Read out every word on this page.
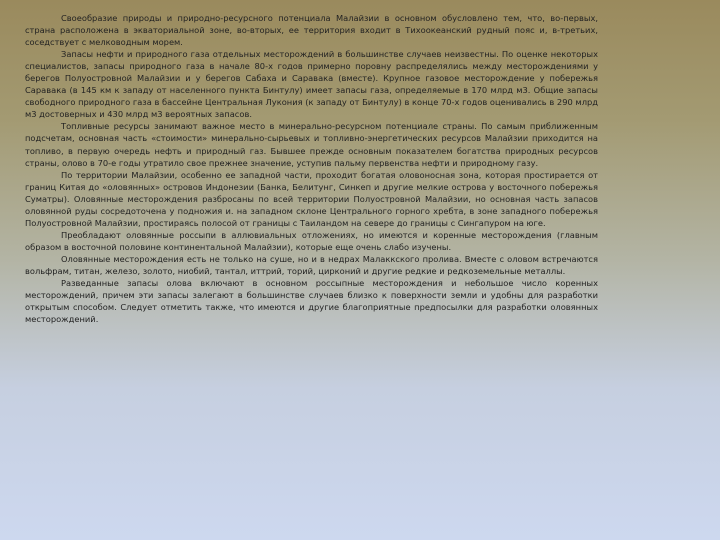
Своеобразие природы и природно-ресурсного потенциала Малайзии в основном обусловлено тем, что, во-первых, страна расположена в экваториальной зоне, во-вторых, ее территория входит в Тихоокеанский рудный пояс и, в-третьих, соседствует с мелководным морем.

Запасы нефти и природного газа отдельных месторождений в большинстве случаев неизвестны. По оценке некоторых специалистов, запасы природного газа в начале 80-х годов примерно поровну распределялись между месторождениями у берегов Полуостровной Малайзии и у берегов Сабаха и Саравака (вместе). Крупное газовое месторождение у побережья Саравака (в 145 км к западу от населенного пункта Бинтулу) имеет запасы газа, определяемые в 170 млрд м3. Общие запасы свободного природного газа в бассейне Центральная Лукония (к западу от Бинтулу) в конце 70-х годов оценивались в 290 млрд м3 достоверных и 430 млрд м3 вероятных запасов.

Топливные ресурсы занимают важное место в минерально-ресурсном потенциале страны. По самым приближенным подсчетам, основная часть «стоимости» минерально-сырьевых и топливно-энергетических ресурсов Малайзии приходится на топливо, в первую очередь нефть и природный газ. Бывшее прежде основным показателем богатства природных ресурсов страны, олово в 70-е годы утратило свое прежнее значение, уступив пальму первенства нефти и природному газу.

По территории Малайзии, особенно ее западной части, проходит богатая оловоносная зона, которая простирается от границ Китая до «оловянных» островов Индонезии (Банка, Белитунг, Синкеп и другие мелкие острова у восточного побережья Суматры). Оловянные месторождения разбросаны по всей территории Полуостровной Малайзии, но основная часть запасов оловянной руды сосредоточена у подножия и. на западном склоне Центрального горного хребта, в зоне западного побережья Полуостровной Малайзии, простираясь полосой от границы с Таиландом на севере до границы с Сингапуром на юге.

Преобладают оловянные россыпи в аллювиальных отложениях, но имеются и коренные месторождения (главным образом в восточной половине континентальной Малайзии), которые еще очень слабо изучены.

Оловянные месторождения есть не только на суше, но и в недрах Малаккского пролива. Вместе с оловом встречаются вольфрам, титан, железо, золото, ниобий, тантал, иттрий, торий, цирконий и другие редкие и редкоземельные металлы.

Разведанные запасы олова включают в основном россыпные месторождения и небольшое число коренных месторождений, причем эти запасы залегают в большинстве случаев близко к поверхности земли и удобны для разработки открытым способом. Следует отметить также, что имеются и другие благоприятные предпосылки для разработки оловянных месторождений.
